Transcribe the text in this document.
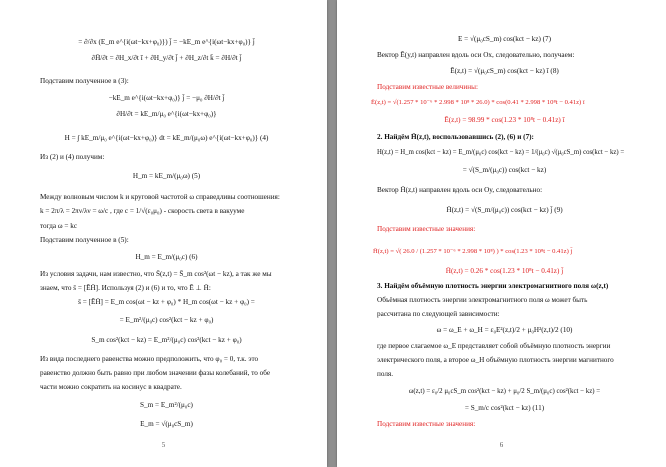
= ∂/∂x (E_m e^{i(ωt−kx+φ₀)}) j̄ = −kE_m e^{i(ωt−kx+φ₀)} j̄
∂H̄/∂t = ∂H_x/∂t ī + ∂H_y/∂t j̄ + ∂H_z/∂t k̄ = ∂H/∂t j̄
Подставим полученное в (3):
−kE_m e^{i(ωt−kx+φ₀)} j̄ = −μ₀ ∂H/∂t j̄
∂H/∂t = kE_m/μ₀ e^{i(ωt−kx+φ₀)}
H = ∫ kE_m/μ₀ e^{i(ωt−kx+φ₀)} dt = kE_m/(μ₀ω) e^{i(ωt−kx+φ₀)} (4)
Из (2) и (4) получим:
H_m = kE_m/(μ₀ω) (5)
Между волновым числом k и круговой частотой ω справедливы соотношения:
k = 2π/λ = 2πν/λν = ω/c , где c = 1/√(ε₀μ₀) - скорость света в вакууме
тогда ω = kc
Подставим полученное в (5):
H_m = E_m/(μ₀c) (6)
Из условия задачи, нам известно, что S̄(z,t) = S̄_m cos²(ωt − kz), а так же мы
знаем, что s̄ = [ĒH̄]. Используя (2) и (6) и то, что Ē ⊥ H̄:
s̄ = [ĒH̄] = E_m cos(ωt − kz + φ₀) * H_m cos(ωt − kz + φ₀) =
= E_m²/(μ₀c) cos²(kct − kz + φ₀)
S_m cos²(kct − kz) = E_m²/(μ₀c) cos²(kct − kz + φ₀)
Из вида последнего равенства можно предположить, что φ₀ = 0, т.к. это
равенство должно быть равно при любом значении фазы колебаний, то обе
части можно сократить на косинус в квадрате.
S_m = E_m²/(μ₀c)
E_m = √(μ₀cS_m)
5
E = √(μ₀cS_m) cos(kct − kz) (7)
Вектор Ē(y,t) направлен вдоль оси Ox, следовательно, получаем:
Ē(z,t) = √(μ₀cS_m) cos(kct − kz) ī (8)
Подставим известные величины:
Ē(z,t) = √(1.257 * 10⁻⁶ * 2.998 * 10⁸ * 26.0) * cos(0.41 * 2.998 * 10⁸t − 0.41z) ī
Ē(z,t) = 98.99 * cos(1.23 * 10⁸t − 0.41z) ī
2. Найдём H̄(z,t), воспользовавшись (2), (6) и (7):
H(z,t) = H_m cos(kct − kz) = E_m/(μ₀c) cos(kct − kz) = 1/(μ₀c) √(μ₀cS_m) cos(kct − kz) =
= √(S_m/(μ₀c)) cos(kct − kz)
Вектор H̄(z,t) направлен вдоль оси Oy, следовательно:
H̄(z,t) = √(S_m/(μ₀c)) cos(kct − kz) j̄ (9)
Подставим известные значения:
H̄(z,t) = √( 26.0 / (1.257 * 10⁻⁶ * 2.998 * 10⁸) ) * cos(1.23 * 10⁸t − 0.41z) j̄
H̄(z,t) = 0.26 * cos(1.23 * 10⁸t − 0.41z) j̄
3. Найдём объёмную плотность энергии электромагнитного поля ω(z,t)
Объёмная плотность энергии электромагнитного поля ω может быть
рассчитана по следующей зависимости:
ω = ω_E + ω_H = ε₀E²(z,t)/2 + μ₀H²(z,t)/2 (10)
где первое слагаемое ω_E представляет собой объёмную плотность энергии
электрического поля, а второе ω_H объёмную плотность энергии магнитного
поля.
ω(z,t) = ε₀/2 μ₀cS_m cos²(kct − kz) + μ₀/2 S_m/(μ₀c) cos²(kct − kz) =
= S_m/c cos²(kct − kz) (11)
Подставим известные значения:
6
